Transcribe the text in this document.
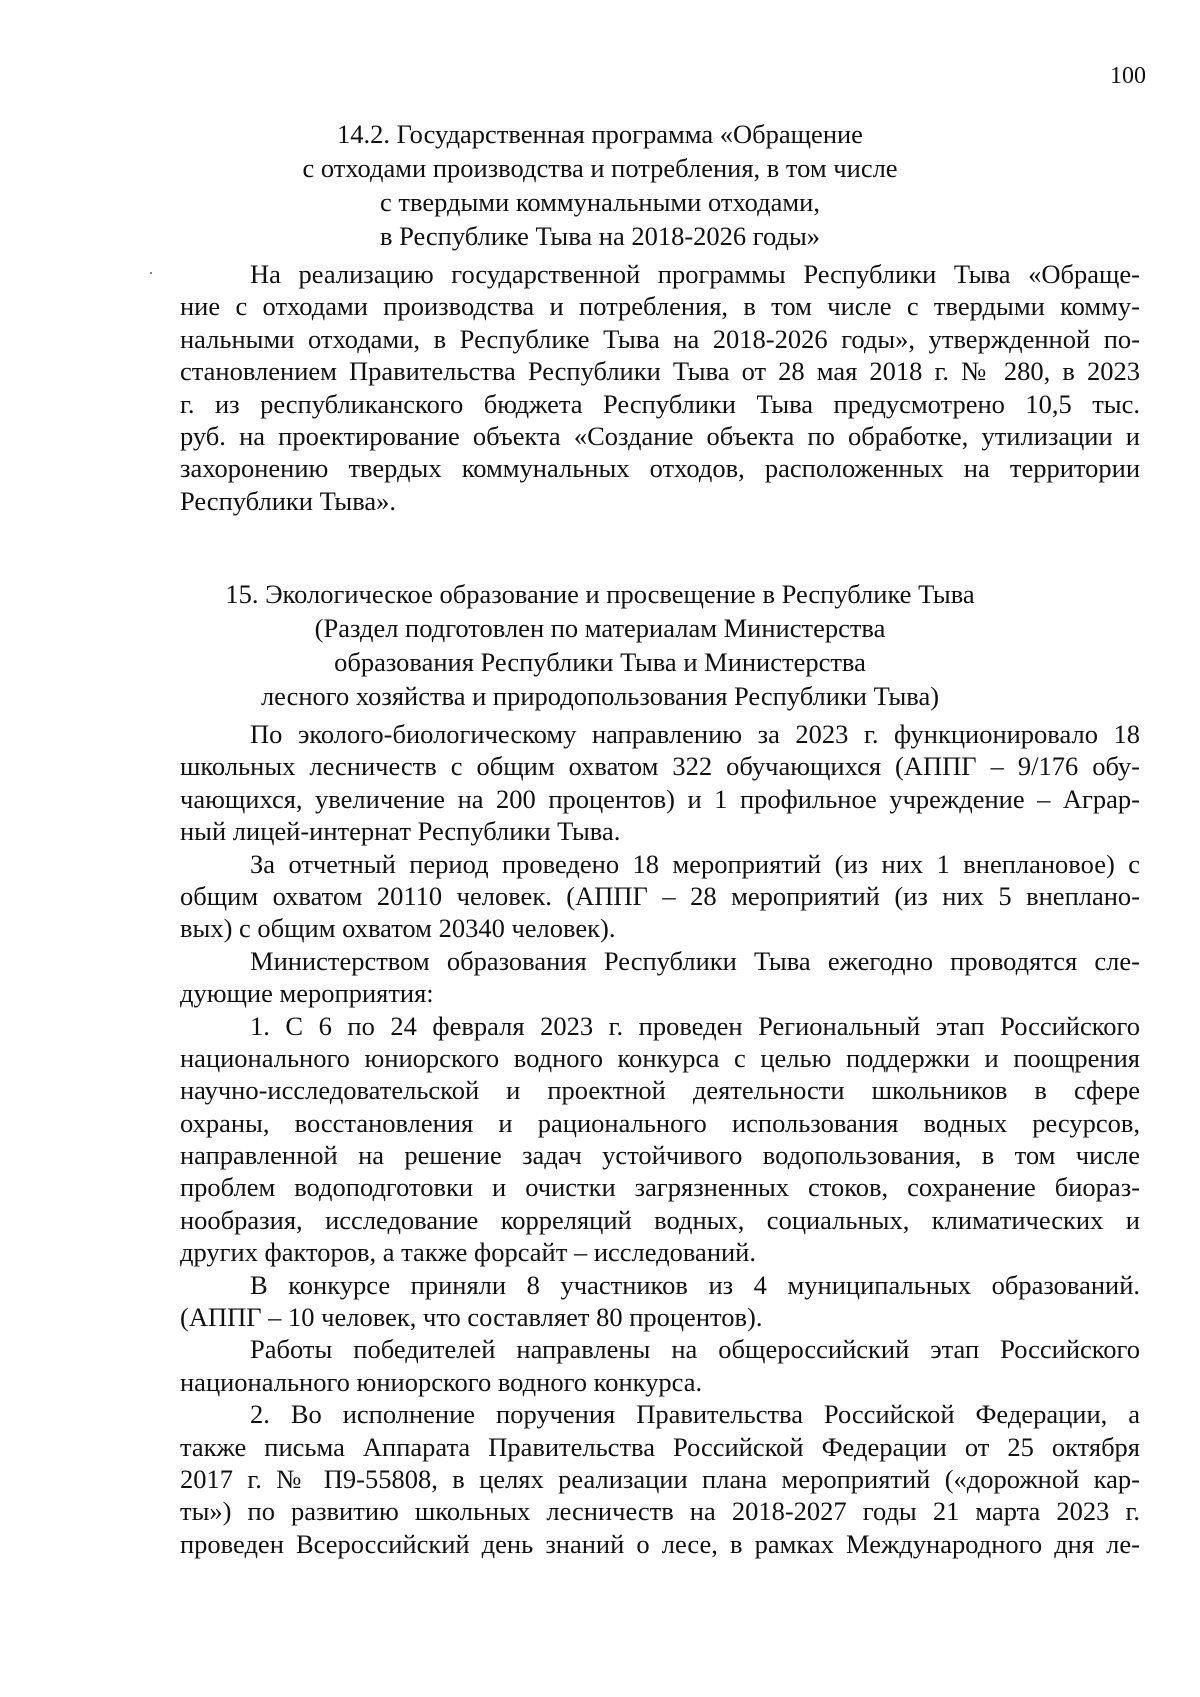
100
14.2. Государственная программа «Обращение
с отходами производства и потребления, в том числе
с твердыми коммунальными отходами,
в Республике Тыва на 2018-2026 годы»
На реализацию государственной программы Республики Тыва «Обраще-
ние с отходами производства и потребления, в том числе с твердыми комму-
нальными отходами, в Республике Тыва на 2018-2026 годы», утвержденной по-
становлением Правительства Республики Тыва от 28 мая 2018 г. № 280, в 2023
г. из республиканского бюджета Республики Тыва предусмотрено 10,5 тыс.
руб. на проектирование объекта «Создание объекта по обработке, утилизации и
захоронению твердых коммунальных отходов, расположенных на территории
Республики Тыва».
15. Экологическое образование и просвещение в Республике Тыва
(Раздел подготовлен по материалам Министерства
образования Республики Тыва и Министерства
лесного хозяйства и природопользования Республики Тыва)
По эколого-биологическому направлению за 2023 г. функционировало 18
школьных лесничеств с общим охватом 322 обучающихся (АППГ – 9/176 обу-
чающихся, увеличение на 200 процентов) и 1 профильное учреждение – Аграр-
ный лицей-интернат Республики Тыва.
За отчетный период проведено 18 мероприятий (из них 1 внеплановое) с
общим охватом 20110 человек. (АППГ – 28 мероприятий (из них 5 внеплано-
вых) с общим охватом 20340 человек).
Министерством образования Республики Тыва ежегодно проводятся сле-
дующие мероприятия:
1. С 6 по 24 февраля 2023 г. проведен Региональный этап Российского
национального юниорского водного конкурса с целью поддержки и поощрения
научно-исследовательской и проектной деятельности школьников в сфере
охраны, восстановления и рационального использования водных ресурсов,
направленной на решение задач устойчивого водопользования, в том числе
проблем водоподготовки и очистки загрязненных стоков, сохранение биораз-
нообразия, исследование корреляций водных, социальных, климатических и
других факторов, а также форсайт – исследований.
В конкурсе приняли 8 участников из 4 муниципальных образований.
(АППГ – 10 человек, что составляет 80 процентов).
Работы победителей направлены на общероссийский этап Российского
национального юниорского водного конкурса.
2. Во исполнение поручения Правительства Российской Федерации, а
также письма Аппарата Правительства Российской Федерации от 25 октября
2017 г. № П9-55808, в целях реализации плана мероприятий («дорожной кар-
ты») по развитию школьных лесничеств на 2018-2027 годы 21 марта 2023 г.
проведен Всероссийский день знаний о лесе, в рамках Международного дня ле-
